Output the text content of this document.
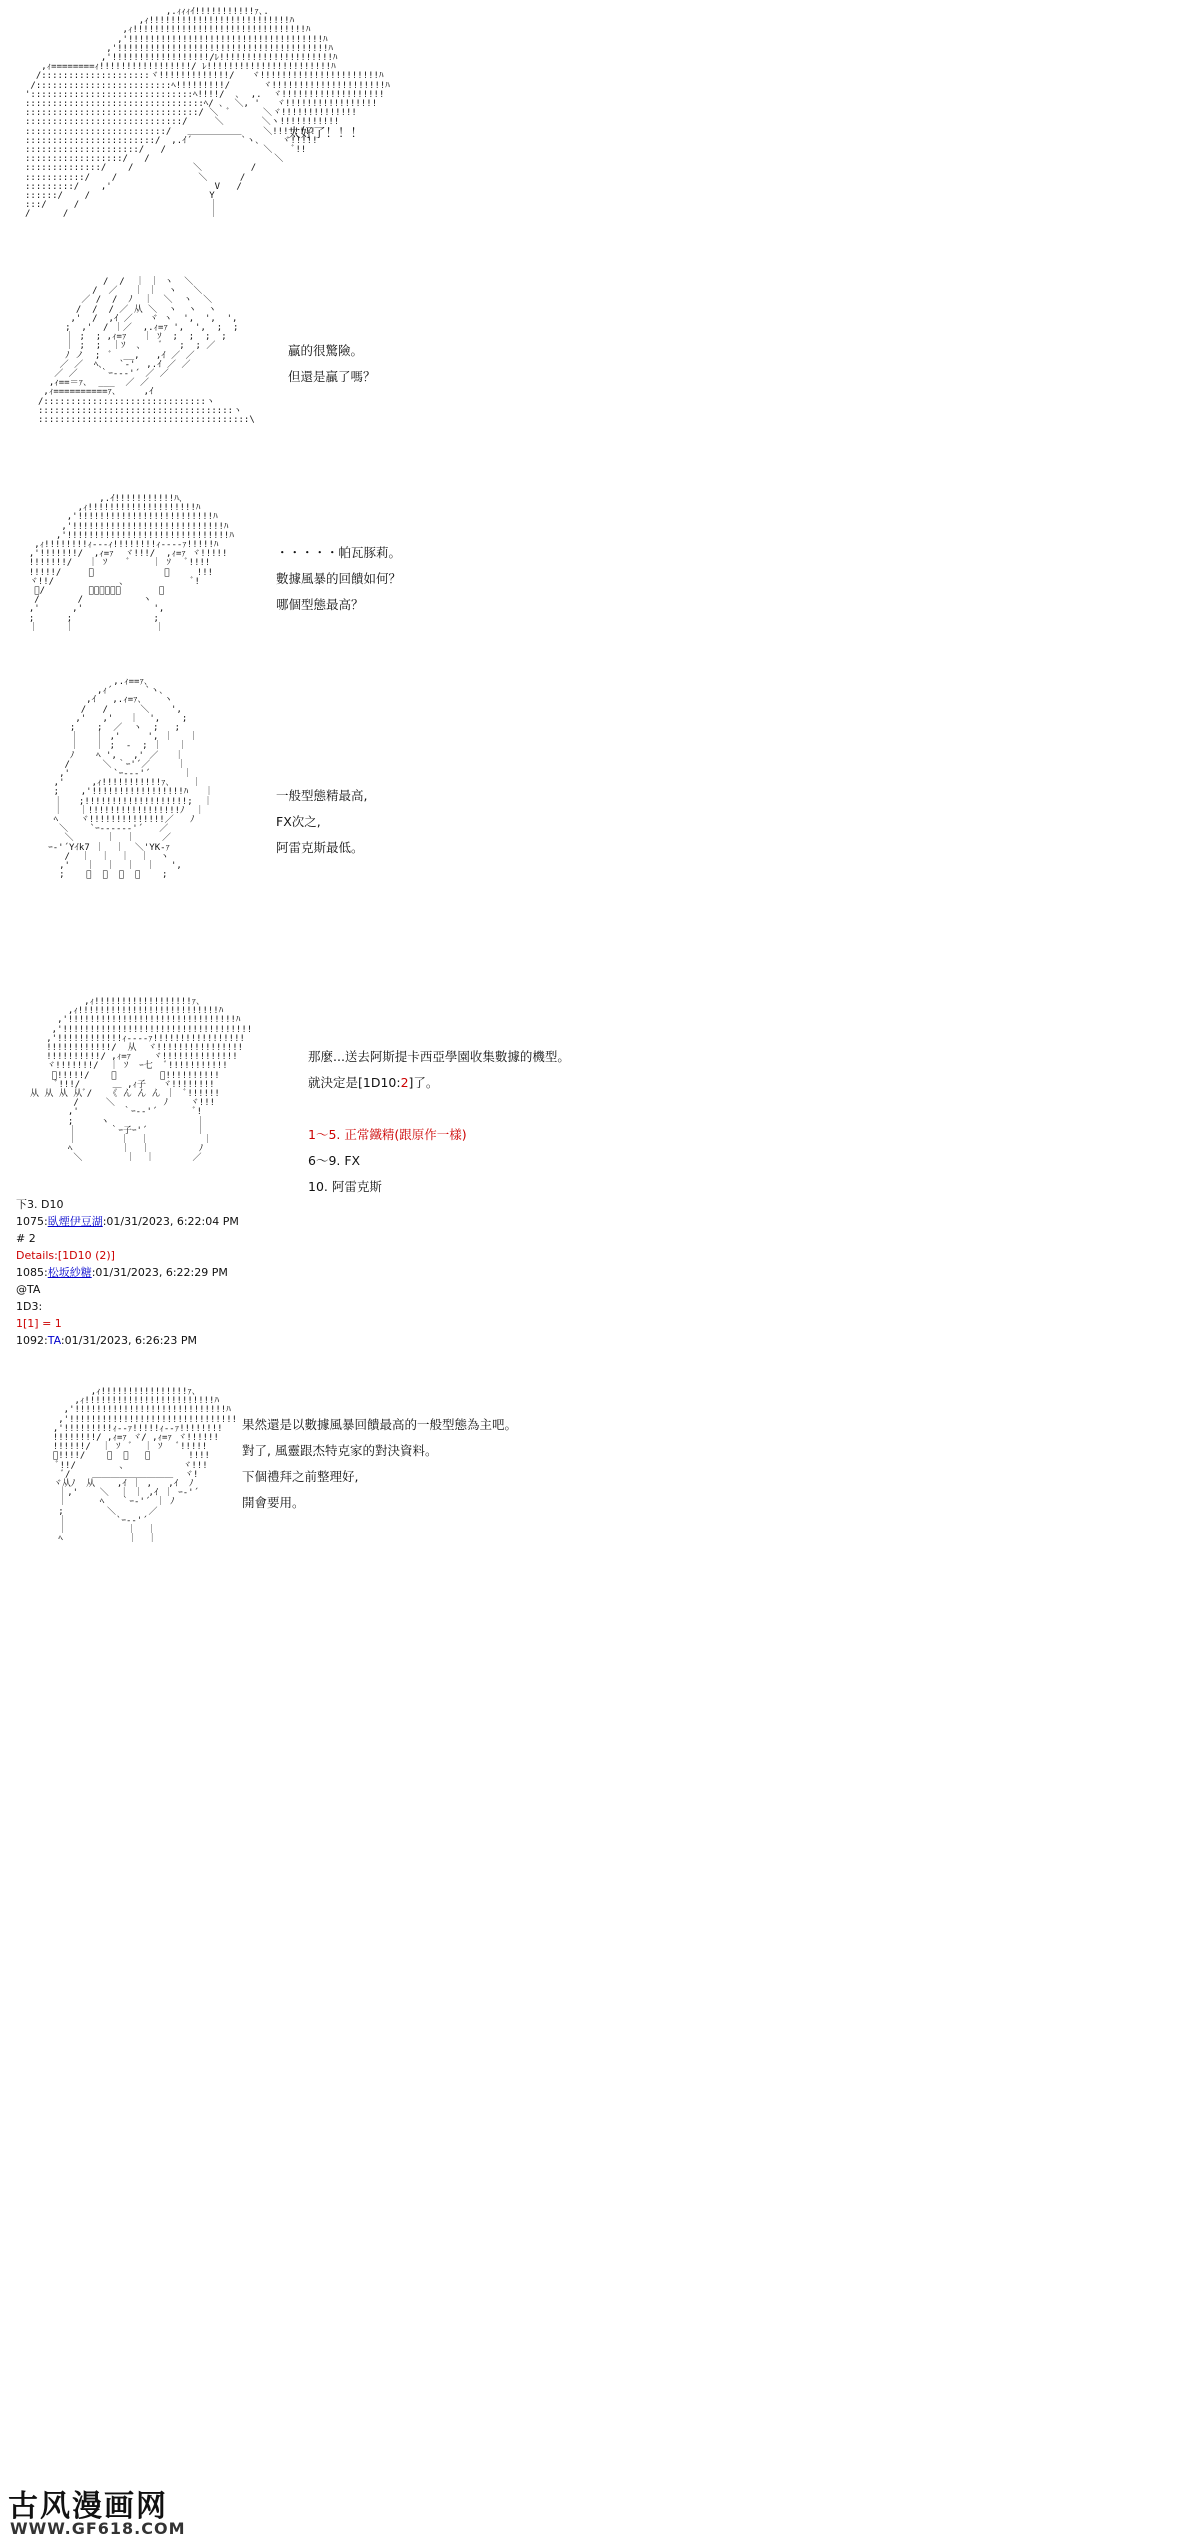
,.ｨｨｨｲ!!!!!!!!!!!ｧ､.
,ｨ!!!!!!!!!!!!!!!!!!!!!!!!!!ﾊ
,ｨ!!!!!!!!!!!!!!!!!!!!!!!!!!!!!!!!ﾊ
,'!!!!!!!!!!!!!!!!!!!!!!!!!!!!!!!!!!!!ﾊ
,'!!!!!!!!!!!!!!!!!!!!!!!!!!!!!!!!!!!!!!!ﾊ
,'!!!!!!!!!!!!!!!!!!/ﾚ!!!!!!!!!!!!!!!!!!!!!ﾊ
,ｨ========ｨ!!!!!!!!!!!!!!!!!/ ﾚ!!!!!!!!!!!!!!!!!!!!!!!ﾊ
/::::::::::::::::::::ヾ!!!!!!!!!!!!!/   ヾ!!!!!!!!!!!!!!!!!!!!!!ﾊ
/:::::::::::::::::::::::::ﾍ!!!!!!!!!/      ヾ!!!!!!!!!!!!!!!!!!!!!ﾊ
'::::::::::::::::::::::::::::::ﾍ!!!!/  ､  ,.  ヾ!!!!!!!!!!!!!!!!!!!
:::::::::::::::::::::::::::::::::ﾍ/ ､  ＼, '   ヾ!!!!!!!!!!!!!!!!!
::::::::::::::::::::::::::::::::/ ＼  ﾞ      ＼ヾ!!!!!!!!!!!!!!
:::::::::::::::::::::::::::::/     ＼       ＼ヽ!!!!!!!!!!!
::::::::::::::::::::::::::/   ＿＿＿＿＿＿    ＼!!!!!!!!
::::::::::::::::::::::::/  ,.ｲ´         `ヽ､    ヾ!!!!!
:::::::::::::::::::::/   /                  ＼    ﾞ!!
::::::::::::::::::/   /                       ＼
::::::::::::::/    /           ＼         /
:::::::::::/    /               ＼      /
:::::::::/    ,'                   V   /
::::::/    /                      Y
:::/     /                        ｜
/      /                          ｜
太好了！！！
/  /  ｜ ｜ ヽ  ＼
/  ／   ｜ ｜  ヽ   ＼
／ /  /  ﾉ  ｜  ＼  ヽ  ＼
/  /  / ／ 从 ＼  ヽ  ヽ  ヽ
,'  /  ,ｲ ／   ヾ ヽ  ',  ',  ',
;  ,'  / ｜／  ,.ｨ=ｧ ',  ',  ;  ;
｜ ;  ; ,ｨ=ｧ   ｜ ｿ  ;  ;  ;  ;
｜ ;  ;  ｜ｿ  、   ﾞ   ;  ; ／
ﾉ ノ  ;  ﾞ  __,   ,ｲ ／ ／
／ ／  ﾍ､   `‐'  ,.ｲ ／ ／
／ ／    ｀ｰ--‐'´ ／ ／
,ｨ==＝ｧ､  ___  ／ ／
,ｨ==========ｧ､     ,ｲ
/::::::::::::::::::::::::::::::ヽ
::::::::::::::::::::::::::::::::::::ヽ
:::::::::::::::::::::::::::::::::::::::\
贏的很驚險。
但還是贏了嗎？
,.ｲ!!!!!!!!!!!ﾊ､
,ｨ!!!!!!!!!!!!!!!!!!!!ﾊ
,'!!!!!!!!!!!!!!!!!!!!!!!!!ﾊ
,'!!!!!!!!!!!!!!!!!!!!!!!!!!!!ﾊ
,'!!!!!!!!!!!!!!!!!!!!!!!!!!!!!!ﾊ
,ｨ!!!!!!!!ｨ‐--ｨ!!!!!!!!ｨ---‐ｧ!!!!!ﾊ
,'!!!!!!!/  ,ｨ=ｧ  ヾ!!!/  ,ｨ=ｧ ヾ!!!!!
!!!!!!!/   ｜ ｿ    ﾞ    ｜ ｿ   ﾞ!!!!
!!!!!/     ﾞ             ﾞ     !!!
ヾ!!/            、            ﾞ!
ﾞ/        ＿＿＿＿＿＿       ﾞ
/       /           ヽ
,'      ,'             ',
;      ;               ;
｜     ｜               ｜
・・・・・帕瓦豚莉。
數據風暴的回饋如何？
哪個型態最高？
,.ｨ==ｧ､
,ｨ´      `ヽ､
,ｲ   ,.ｨ=ｧ､    ヽ
/   /      ＼    ',
,'   ,'   ｜  ',    ;
;    ;  ／  ヽ  ;   ;
｜   ｜ ,'     ', ｜   ｜
｜   ｜ ;  ‐  ; ｜   ｜
ﾉ    ﾍ ',   ,' ／   ｜
/      ＼ ｀ｰ'´／     ｜
,'        `ｰ--‐'´      ｜
,'     ,ｨ!!!!!!!!!!!ｧ､    ｜
;    ,'!!!!!!!!!!!!!!!!!ﾊ   ｜
｜   ;!!!!!!!!!!!!!!!!!!!;  ｜
｜   ｜!!!!!!!!!!!!!!!!!ﾉ  ｜
ﾍ    ヾ!!!!!!!!!!!!!!／   ﾉ
＼    `ｰ‐---‐‐'´   ／
＼      ｜  ｜     ／
ｰ‐'´Yｲk7 ｜  ｜  ＼'YK‐ｧ
/  ｜  ｜  ｜  ｜  ヽ
,'   ｜  ｜  ｜  ｜   ',
;    ﾞ  ﾞ  ﾞ  ﾞ    ;
一般型態精最高,
FX次之,
阿雷克斯最低。
,ｨ!!!!!!!!!!!!!!!!!!ｧ､
,ｨ!!!!!!!!!!!!!!!!!!!!!!!!!!ﾊ
,'!!!!!!!!!!!!!!!!!!!!!!!!!!!!!!!ﾊ
,'!!!!!!!!!!!!!!!!!!!!!!!!!!!!!!!!!!!
,'!!!!!!!!!!!!ｨ‐--‐ｧ!!!!!!!!!!!!!!!!!
!!!!!!!!!!!!/  从  ヾ!!!!!!!!!!!!!!!!
!!!!!!!!!!/ ,ｨ=ｧ    ヾ!!!!!!!!!!!!!!
ヾ!!!!!!!/  ｜ ｿ  ｰ七  ﾞ!!!!!!!!!!!
ﾞ!!!!!/    ﾞ        ＼!!!!!!!!!!
ﾞ!!!/      ＿ ,ｨ子   ヾ!!!!!!!!
从 从 从 从ﾞ/   《 ん ん ん ｜  ﾞ!!!!!!
/     ＼         ﾉ    ヾ!!!
,'        ｀ｰ‐‐'´       ﾞ!
;     ヽ                ｜
｜      ｀ｰ子ｰ'´         ｜
｜        ｜  ｜          ｜
ﾍ         ｜  ｜         ﾉ
＼        ｜  ｜       ／
那麼...送去阿斯提卡西亞學園收集數據的機型。
就決定是[1D10:2]了。

1～5. 正常鐵精(跟原作一樣)
6～9. FX
10. 阿雷克斯
下3. D10
1075:臥煙伊豆湖:01/31/2023, 6:22:04 PM
# 2
Details:[1D10 (2)]
1085:松坂紗糖:01/31/2023, 6:22:29 PM
@TA
1D3:
1[1] = 1
1092:TA:01/31/2023, 6:26:23 PM
,ｨ!!!!!!!!!!!!!!!!ｧ､
,ｨ!!!!!!!!!!!!!!!!!!!!!!!!ﾊ
,'!!!!!!!!!!!!!!!!!!!!!!!!!!!!ﾊ
,'!!!!!!!!!!!!!!!!!!!!!!!!!!!!!!!
,'!!!!!!!!!ｨ‐‐ｧ!!!!!ｨ‐‐ｧ!!!!!!!!
!!!!!!!!/ ,ｨ=ｧ ヾ/ ,ｨ=ｧ ヾ!!!!!!
!!!!!!/  ｜ ｿ  ﾞ  ｜ ｿ   ﾞ!!!!!
ﾞ!!!!/    ﾞ  ＼   ﾞ       !!!!
ﾞ!!/        、          ヾ!!!
ﾞ/    ＿＿＿＿＿＿＿＿＿  ヾ!
ヾ从ﾉ  从    ,ｲ ｜ ,   ,ｲ  ﾉ
｜,'    ＼  ｜ ｜ ,ｲ ｜ ｰ‐'´
｜      ﾍ   ｀ｰ‐'´ ｜ ﾉ
;        ＼      ／
｜         `ｰ‐‐'´
｜           ｜  ｜
ﾍ            ｜  ｜
果然還是以數據風暴回饋最高的一般型態為主吧。
對了, 風靈跟杰特克家的對決資料。
下個禮拜之前整理好,
開會要用。
古风漫画网
WWW.GF618.COM
